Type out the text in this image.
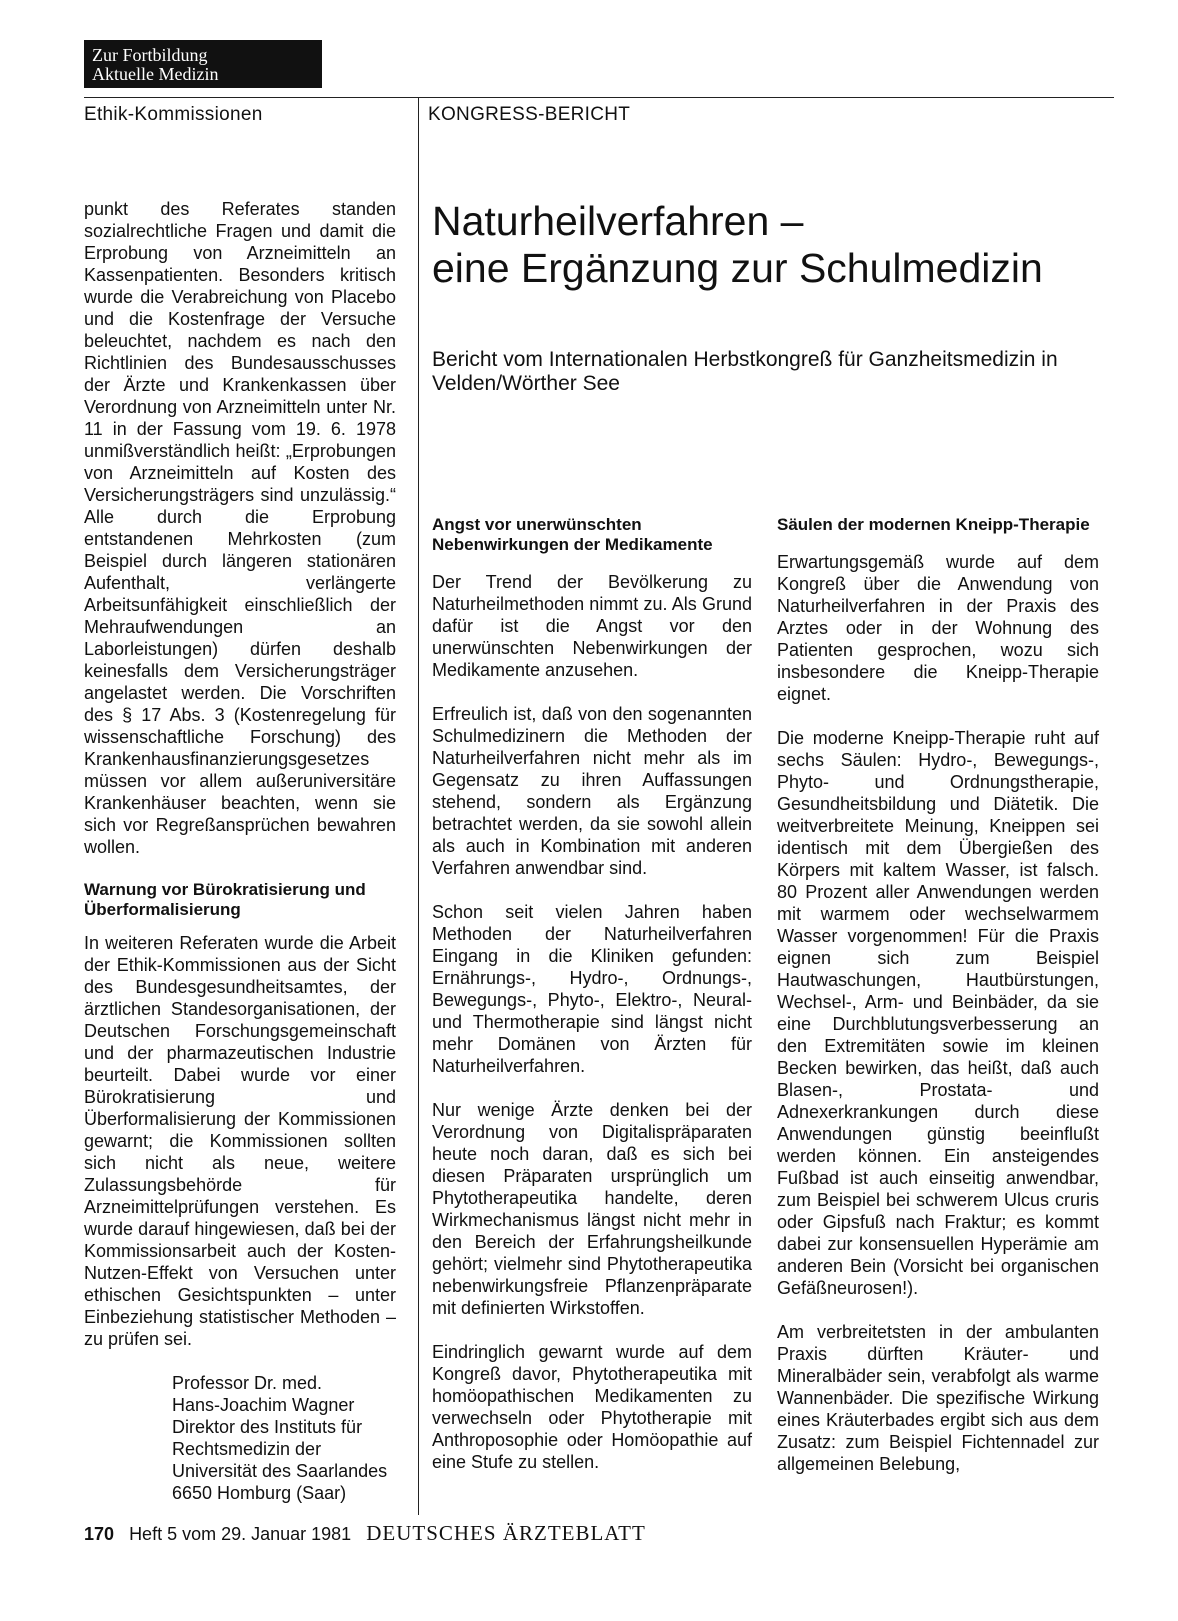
Zur Fortbildung
Aktuelle Medizin
Ethik-Kommissionen	KONGRESS-BERICHT
Naturheilverfahren –
eine Ergänzung zur Schulmedizin

Bericht vom Internationalen Herbstkongreß für Ganzheitsmedizin in Velden/Wörther See

punkt des Referates standen sozialrechtliche Fragen und damit die Erprobung von Arzneimitteln an Kassenpatienten. Besonders kritisch wurde die Verabreichung von Placebo und die Kostenfrage der Versuche beleuchtet, nachdem es nach den Richtlinien des Bundesausschusses der Ärzte und Krankenkassen über Verordnung von Arzneimitteln unter Nr. 11 in der Fassung vom 19. 6. 1978 unmißverständlich heißt: „Erprobungen von Arzneimitteln auf Kosten des Versicherungsträgers sind unzulässig.“ Alle durch die Erprobung entstandenen Mehrkosten (zum Beispiel durch längeren stationären Aufenthalt, verlängerte Arbeitsunfähigkeit einschließlich der Mehraufwendungen an Laborleistungen) dürfen deshalb keinesfalls dem Versicherungsträger angelastet werden. Die Vorschriften des § 17 Abs. 3 (Kostenregelung für wissenschaftliche Forschung) des Krankenhausfinanzierungsgesetzes müssen vor allem außeruniversitäre Krankenhäuser beachten, wenn sie sich vor Regreßansprüchen bewahren wollen.

Warnung vor Bürokratisierung und Überformalisierung

In weiteren Referaten wurde die Arbeit der Ethik-Kommissionen aus der Sicht des Bundesgesundheitsamtes, der ärztlichen Standesorganisationen, der Deutschen Forschungsgemeinschaft und der pharmazeutischen Industrie beurteilt. Dabei wurde vor einer Bürokratisierung und Überformalisierung der Kommissionen gewarnt; die Kommissionen sollten sich nicht als neue, weitere Zulassungsbehörde für Arzneimittelprüfungen verstehen. Es wurde darauf hingewiesen, daß bei der Kommissionsarbeit auch der Kosten-Nutzen-Effekt von Versuchen unter ethischen Gesichtspunkten – unter Einbeziehung statistischer Methoden – zu prüfen sei.

Professor Dr. med.
Hans-Joachim Wagner
Direktor des Instituts für
Rechtsmedizin der
Universität des Saarlandes
6650 Homburg (Saar)

Angst vor unerwünschten Nebenwirkungen der Medikamente

Der Trend der Bevölkerung zu Naturheilmethoden nimmt zu. Als Grund dafür ist die Angst vor den unerwünschten Nebenwirkungen der Medikamente anzusehen.

Erfreulich ist, daß von den sogenannten Schulmedizinern die Methoden der Naturheilverfahren nicht mehr als im Gegensatz zu ihren Auffassungen stehend, sondern als Ergänzung betrachtet werden, da sie sowohl allein als auch in Kombination mit anderen Verfahren anwendbar sind.

Schon seit vielen Jahren haben Methoden der Naturheilverfahren Eingang in die Kliniken gefunden: Ernährungs-, Hydro-, Ordnungs-, Bewegungs-, Phyto-, Elektro-, Neural- und Thermotherapie sind längst nicht mehr Domänen von Ärzten für Naturheilverfahren.

Nur wenige Ärzte denken bei der Verordnung von Digitalispräparaten heute noch daran, daß es sich bei diesen Präparaten ursprünglich um Phytotherapeutika handelte, deren Wirkmechanismus längst nicht mehr in den Bereich der Erfahrungsheilkunde gehört; vielmehr sind Phytotherapeutika nebenwirkungsfreie Pflanzenpräparate mit definierten Wirkstoffen.

Eindringlich gewarnt wurde auf dem Kongreß davor, Phytotherapeutika mit homöopathischen Medikamenten zu verwechseln oder Phytotherapie mit Anthroposophie oder Homöopathie auf eine Stufe zu stellen.

Säulen der modernen Kneipp-Therapie

Erwartungsgemäß wurde auf dem Kongreß über die Anwendung von Naturheilverfahren in der Praxis des Arztes oder in der Wohnung des Patienten gesprochen, wozu sich insbesondere die Kneipp-Therapie eignet.

Die moderne Kneipp-Therapie ruht auf sechs Säulen: Hydro-, Bewegungs-, Phyto- und Ordnungstherapie, Gesundheitsbildung und Diätetik. Die weitverbreitete Meinung, Kneippen sei identisch mit dem Übergießen des Körpers mit kaltem Wasser, ist falsch. 80 Prozent aller Anwendungen werden mit warmem oder wechselwarmem Wasser vorgenommen! Für die Praxis eignen sich zum Beispiel Hautwaschungen, Hautbürstungen, Wechsel-, Arm- und Beinbäder, da sie eine Durchblutungsverbesserung an den Extremitäten sowie im kleinen Becken bewirken, das heißt, daß auch Blasen-, Prostata- und Adnexerkrankungen durch diese Anwendungen günstig beeinflußt werden können. Ein ansteigendes Fußbad ist auch einseitig anwendbar, zum Beispiel bei schwerem Ulcus cruris oder Gipsfuß nach Fraktur; es kommt dabei zur konsensuellen Hyperämie am anderen Bein (Vorsicht bei organischen Gefäßneurosen!).

Am verbreitetsten in der ambulanten Praxis dürften Kräuter- und Mineralbäder sein, verabfolgt als warme Wannenbäder. Die spezifische Wirkung eines Kräuterbades ergibt sich aus dem Zusatz: zum Beispiel Fichtennadel zur allgemeinen Belebung,

170 Heft 5 vom 29. Januar 1981 DEUTSCHES ÄRZTEBLATT
